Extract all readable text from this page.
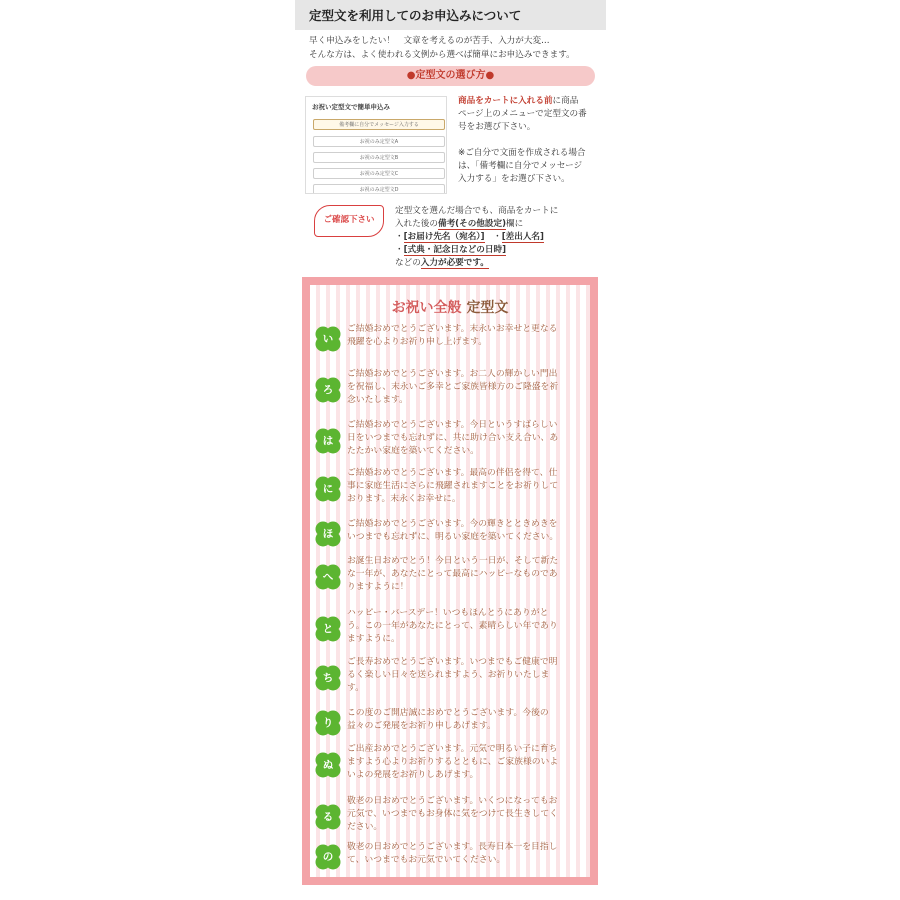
定型文を利用してのお申込みについて
早く申込みをしたい！　文章を考えるのが苦手、入力が大変…
そんな方は、よく使われる文例から選べば簡単にお申込みできます。
●定型文の選び方●
お祝い定型文で簡単申込み
備考欄に自分でメッセージ入力する
お祝のみ定型文A
お祝のみ定型文B
お祝のみ定型文C
お祝のみ定型文D
商品をカートに入れる前に商品
ページ上のメニューで定型文の番
号をお選び下さい。
※ご自分で文面を作成される場合
は、「備考欄に自分でメッセージ
入力する」をお選び下さい。
ご確認下さい
定型文を選んだ場合でも、商品をカートに
入れた後の備考(その他設定)欄に
・[お届け先名（宛名）]　・[差出人名]
・[式典・記念日などの日時]
などの入力が必要です。
お祝い全般 定型文
い
ご結婚おめでとうございます。末永いお幸せと更なる
飛躍を心よりお祈り申し上げます。
ろ
ご結婚おめでとうございます。お二人の輝かしい門出
を祝福し、末永いご多幸とご家族皆様方のご隆盛を祈
念いたします。
は
ご結婚おめでとうございます。今日というすばらしい
日をいつまでも忘れずに、共に助け合い支え合い、あ
たたかい家庭を築いてください。
に
ご結婚おめでとうございます。最高の伴侶を得て、仕
事に家庭生活にさらに飛躍されますことをお祈りして
おります。末永くお幸せに。
ほ
ご結婚おめでとうございます。今の輝きとときめきを
いつまでも忘れずに、明るい家庭を築いてください。
へ
お誕生日おめでとう！今日という一日が、そして新た
な一年が、あなたにとって最高にハッピーなものであ
りますように！
と
ハッピー・バースデー！いつもほんとうにありがと
う。この一年があなたにとって、素晴らしい年であり
ますように。
ち
ご長寿おめでとうございます。いつまでもご健康で明
るく楽しい日々を送られますよう、お祈りいたしま
す。
り
この度のご開店誠におめでとうございます。今後の
益々のご発展をお祈り申しあげます。
ぬ
ご出産おめでとうございます。元気で明るい子に育ち
ますよう心よりお祈りするとともに、ご家族様のいよ
いよの発展をお祈りしあげます。
る
敬老の日おめでとうございます。いくつになってもお
元気で、いつまでもお身体に気をつけて長生きしてく
ださい。
の
敬老の日おめでとうございます。長寿日本一を目指し
て、いつまでもお元気でいてください。
